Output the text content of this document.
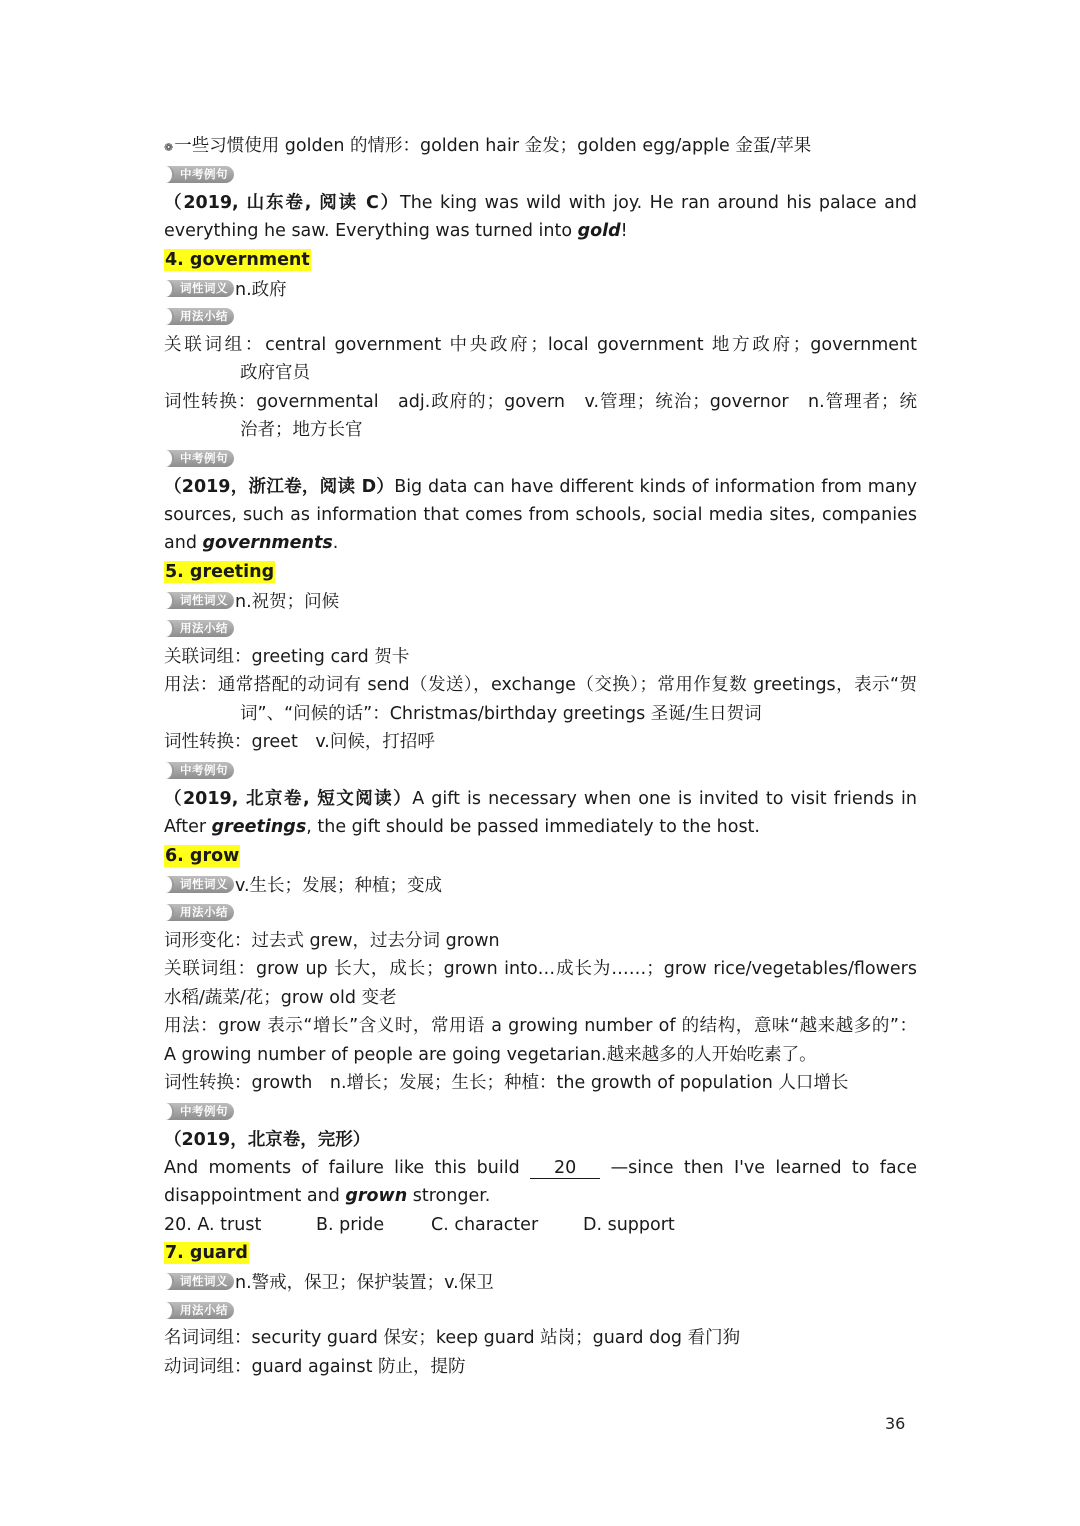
❁一些习惯使用 golden 的情形：golden hair 金发；golden egg/apple 金蛋/苹果
中考例句
（2019, 山东卷, 阅读 C）The king was wild with joy. He ran around his palace and
everything he saw. Everything was turned into gold!
4. government
词性词义 n.政府
用法小结
关联词组：central government 中央政府；local government 地方政府；government
政府官员
词性转换：governmental　adj.政府的；govern　v.管理；统治；governor　n.管理者；统
治者；地方长官
中考例句
（2019，浙江卷，阅读 D）Big data can have different kinds of information from many
sources, such as information that comes from schools, social media sites, companies
and governments.
5. greeting
词性词义 n.祝贺；问候
用法小结
关联词组：greeting card 贺卡
用法：通常搭配的动词有 send（发送），exchange（交换）；常用作复数 greetings，表示“贺
词”、“问候的话”：Christmas/birthday greetings 圣诞/生日贺词
词性转换：greet　v.问候，打招呼
中考例句
（2019, 北京卷, 短文阅读）A gift is necessary when one is invited to visit friends in
After greetings, the gift should be passed immediately to the host.
6. grow
词性词义 v.生长；发展；种植；变成
用法小结
词形变化：过去式 grew，过去分词 grown
关联词组：grow up 长大，成长；grown into…成长为……；grow rice/vegetables/flowers
水稻/蔬菜/花；grow old 变老
用法：grow 表示“增长”含义时，常用语 a growing number of 的结构，意味“越来越多的”：
A growing number of people are going vegetarian.越来越多的人开始吃素了。
词性转换：growth　n.增长；发展；生长；种植：the growth of population 人口增长
中考例句
（2019，北京卷，完形）
And moments of failure like this build 20 —since then I've learned to face
disappointment and grown stronger.
20. A. trust	B. pride	C. character	D. support
7. guard
词性词义 n.警戒，保卫；保护装置；v.保卫
用法小结
名词词组：security guard 保安；keep guard 站岗；guard dog 看门狗
动词词组：guard against 防止，提防
36
